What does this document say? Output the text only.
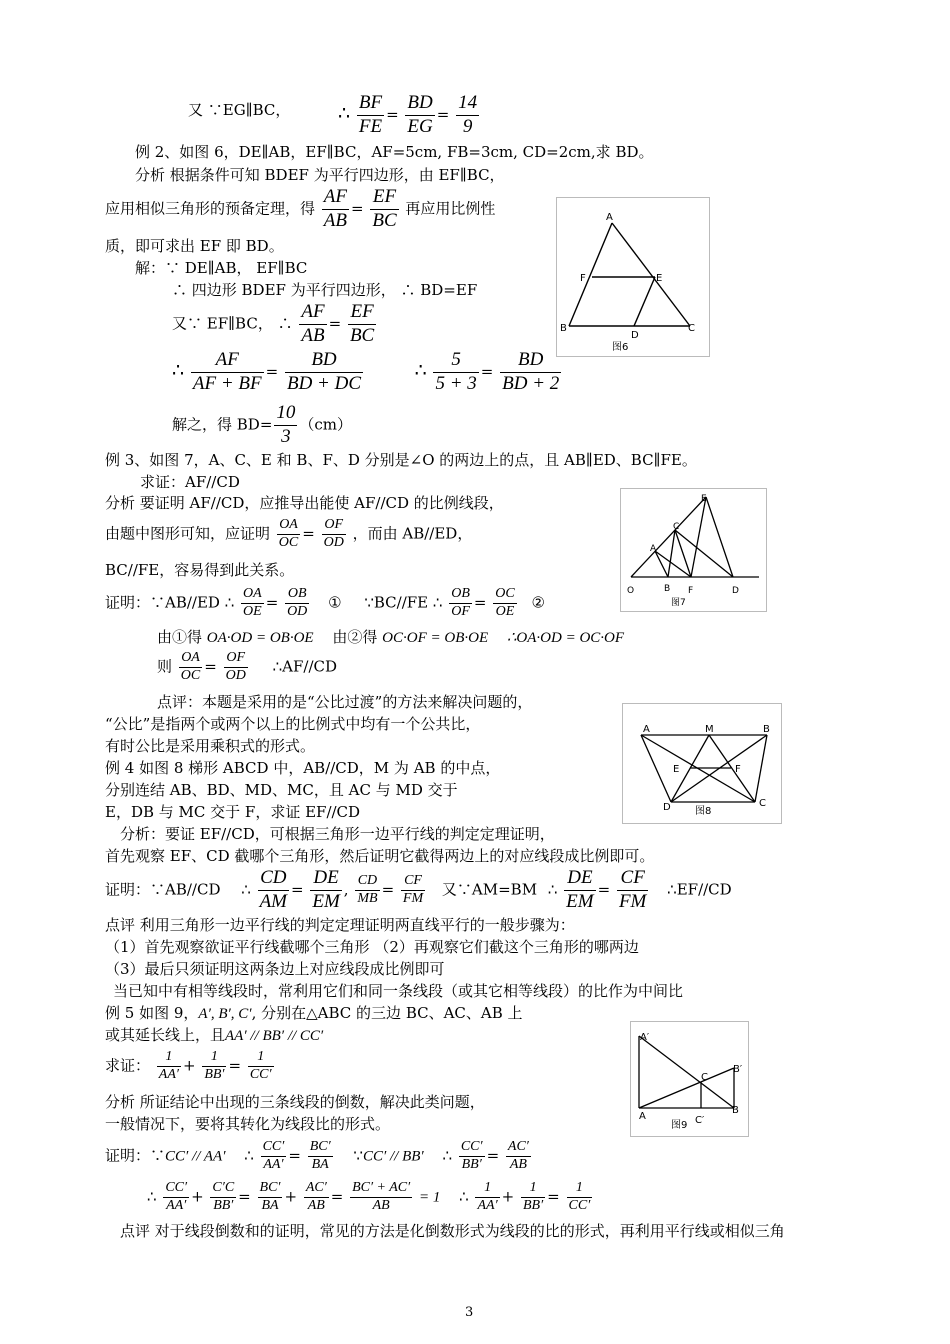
又 ∵EG∥BC，	∴ $\frac{BF}{FE} = \frac{BD}{EG} = \frac{14}{9}$
例 2、如图 6，DE∥AB，EF∥BC，AF=5cm, FB=3cm, CD=2cm,求 BD。
分析 根据条件可知 BDEF 为平行四边形，由 EF∥BC，
应用相似三角形的预备定理，得 $\frac{AF}{AB} = \frac{EF}{BC}$ 再应用比例性
质，即可求出 EF 即 BD。
解：∵ DE∥AB， EF∥BC
∴ 四边形 BDEF 为平行四边形， ∴ BD=EF
又∵ EF∥BC， ∴ $\frac{AF}{AB} = \frac{EF}{BC}$
∴ $\frac{AF}{AF + BF} = \frac{BD}{BD + DC}$	∴ $\frac{5}{5 + 3} = \frac{BD}{BD + 2}$
解之，得 $BD= \frac{10}{3} (cm)$
A
F	E
B
D
C
图6
例 3、如图 7，A、C、E 和 B、F、D 分别是∠O 的两边上的点，且 AB∥ED、BC∥FE。
求证：AF//CD
分析 要证明 AF//CD，应推导出能使 AF//CD 的比例线段，
由题中图形可知，应证明 $\frac{OA}{OC} = \frac{OF}{OD}$ ，而由 AB//ED，
BC//FE，容易得到此关系。
证明：∵AB//ED ∴ $\frac{OA}{OE} = \frac{OB}{OD}$ ① ∵BC//FE ∴ $\frac{OB}{OF} = \frac{OC}{OE}$ ②
由①得 OA·OD = OB·OE 由②得 OC·OF = OB·OE ∴OA·OD = OC·OF
则 $\frac{OA}{OC} = \frac{OF}{OD}$ ∴AF//CD
点评：本题是采用的是“公比过渡”的方法来解决问题的，
“公比”是指两个或两个以上的比例式中均有一个公共比，
有时公比是采用乘积式的形式。
E
C
A
O	B F	D
图7
例 4 如图 8 梯形 ABCD 中，AB//CD，M 为 AB 的中点，
分别连结 AB、BD、MD、MC，且 AC 与 MD 交于
E，DB 与 MC 交于 F，求证 EF//CD
分析：要证 EF//CD，可根据三角形一边平行线的判定定理证明，
首先观察 EF、CD 截哪个三角形，然后证明它截得两边上的对应线段成比例即可。
证明：∵AB//CD ∴ $\frac{CD}{AM} = \frac{DE}{EM}$ , $\frac{CD}{MB} = \frac{CF}{FM}$ 又∵AM=BM ∴ $\frac{DE}{EM} = \frac{CF}{FM}$ ∴EF//CD
点评 利用三角形一边平行线的判定定理证明两直线平行的一般步骤为：
（1）首先观察欲证平行线截哪个三角形 （2）再观察它们截这个三角形的哪两边
（3）最后只须证明这两条边上对应线段成比例即可
当已知中有相等线段时，常利用它们和同一条线段（或其它相等线段）的比作为中间比
A	M	B
E	F
D	C
图8
例 5 如图 9，A′, B′, C′, 分别在△ABC 的三边 BC、AC、AB 上
或其延长线上，且AA′ // BB′ // CC′
求证： $\frac{1}{AA'} + \frac{1}{BB'} = \frac{1}{CC'}$
分析 所证结论中出现的三条线段的倒数，解决此类问题，
一般情况下，要将其转化为线段比的形式。
证明：∵CC′ // AA′ ∴ $\frac{CC'}{AA'} = \frac{BC'}{BA}$ ∵CC′ // BB′ ∴ $\frac{CC'}{BB'} = \frac{AC'}{AB}$
∴ $\frac{CC'}{AA'} + \frac{C'C}{BB'} = \frac{BC'}{BA} + \frac{AC'}{AB} = \frac{BC' + AC'}{AB} = 1$ ∴ $\frac{1}{AA'} + \frac{1}{BB'} = \frac{1}{CC'}$
点评 对于线段倒数和的证明，常见的方法是化倒数形式为线段的比的形式，再利用平行线或相似三角
A′
C
B′
A	C′
B
图9
3
